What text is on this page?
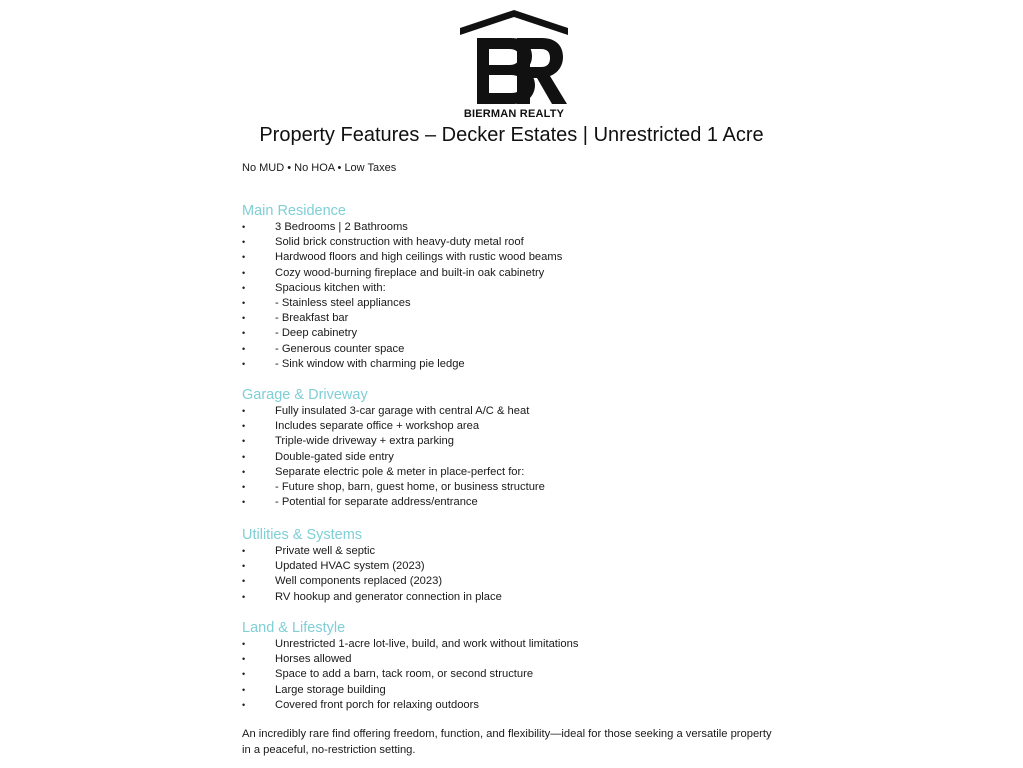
BIERMAN REALTY
Property Features – Decker Estates | Unrestricted 1 Acre

No MUD • No HOA • Low Taxes

Main Residence
•	3 Bedrooms | 2 Bathrooms
•	Solid brick construction with heavy-duty metal roof
•	Hardwood floors and high ceilings with rustic wood beams
•	Cozy wood-burning fireplace and built-in oak cabinetry
•	Spacious kitchen with:
•	- Stainless steel appliances
•	- Breakfast bar
•	- Deep cabinetry
•	- Generous counter space
•	- Sink window with charming pie ledge
Garage & Driveway
•	Fully insulated 3-car garage with central A/C & heat
•	Includes separate office + workshop area
•	Triple-wide driveway + extra parking
•	Double-gated side entry
•	Separate electric pole & meter in place-perfect for:
•	- Future shop, barn, guest home, or business structure
•	- Potential for separate address/entrance
Utilities & Systems
•	Private well & septic
•	Updated HVAC system (2023)
•	Well components replaced (2023)
•	RV hookup and generator connection in place
Land & Lifestyle
•	Unrestricted 1-acre lot-live, build, and work without limitations
•	Horses allowed
•	Space to add a barn, tack room, or second structure
•	Large storage building
•	Covered front porch for relaxing outdoors

An incredibly rare find offering freedom, function, and flexibility—ideal for those seeking a versatile property in a peaceful, no-restriction setting.
